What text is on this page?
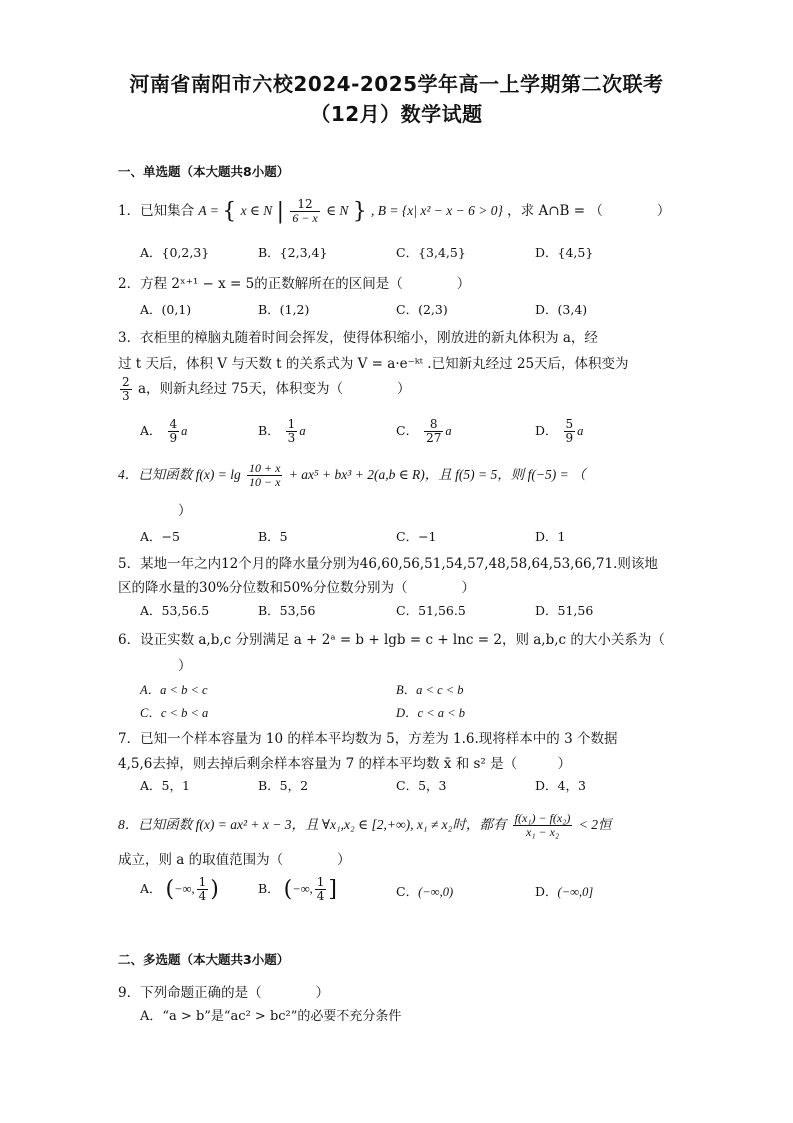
河南省南阳市六校2024-2025学年高一上学期第二次联考
（12月）数学试题
一、单选题（本大题共8小题）
1．已知集合 A = { x ∈ N | $\frac{12}{6 - x}$ ∈ N } , B = {x| x² − x − 6 > 0} ，求 A∩B = （　　　　）
A．{0,2,3}	B．{2,3,4}	C．{3,4,5}	D．{4,5}
2．方程 2ˣ⁺¹ − x = 5的正数解所在的区间是（　　　　）
A．(0,1)	B．(1,2)	C．(2,3)	D．(3,4)
3．衣柜里的樟脑丸随着时间会挥发，使得体积缩小，刚放进的新丸体积为 a，经
过 t 天后，体积 V 与天数 t 的关系式为 V = a·e⁻ᵏᵗ .已知新丸经过 25天后，体积变为
$\frac{2}{3}$ a，则新丸经过 75天，体积变为（　　　　）
A． $\frac{4}{9}$ a	B． $\frac{1}{3}$ a	C． $\frac{8}{27}$ a	D． $\frac{5}{9}$ a
4．已知函数 $f(x) = \lg \frac{10 + x}{10 - x} + ax^5 + bx^3 + 2(a,b$ ∈ R)，且 f(5) = 5，则 f(−5) = （
）
A．−5	B．5	C．−1	D．1
5．某地一年之内12个月的降水量分别为46,60,56,51,54,57,48,58,64,53,66,71.则该地
区的降水量的30%分位数和50%分位数分别为（　　　　）
A．53,56.5	B．53,56	C．51,56.5	D．51,56
6．设正实数 a,b,c 分别满足 a + 2ᵃ = b + lgb = c + lnc = 2，则 a,b,c 的大小关系为（
）
A．a < b < c	B．a < c < b
C．c < b < a	D．c < a < b
7．已知一个样本容量为 10 的样本平均数为 5，方差为 1.6.现将样本中的 3 个数据
4,5,6去掉，则去掉后剩余样本容量为 7 的样本平均数 x̄ 和 s² 是（　　　）
A．5，1	B．5，2	C．5，3	D．4，3
8．已知函数 f(x) = ax² + x − 3，且 ∀x₁,x₂ ∈ [2,+∞), x₁ ≠ x₂时，都有 $\frac{\text{f(x₁) − f(x₂)}}{\text{x₁ − x₂}} < 2$恒
成立，则 a 的取值范围为（　　　　）
A． (−∞, $\frac{1}{4}$ )	B． (−∞, $\frac{1}{4}$ ]	C．(−∞,0)	D．(−∞,0]
二、多选题（本大题共3小题）
9．下列命题正确的是（　　　　）
A．“a > b”是“ac² > bc²”的必要不充分条件
